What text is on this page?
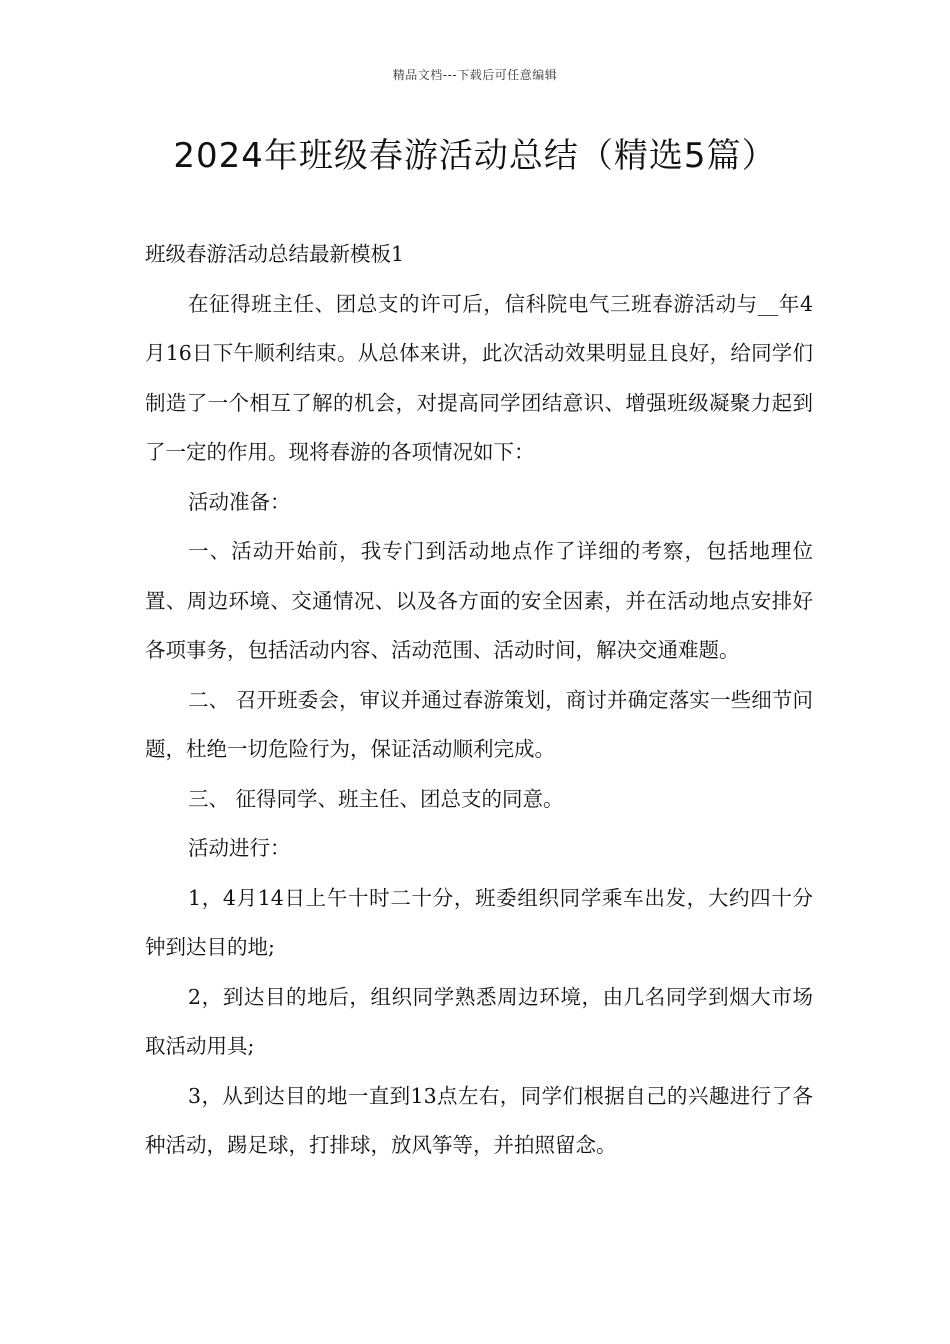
精品文档---下载后可任意编辑
2024年班级春游活动总结（精选5篇）

班级春游活动总结最新模板1

在征得班主任、团总支的许可后，信科院电气三班春游活动与__年4月16日下午顺利结束。从总体来讲，此次活动效果明显且良好，给同学们制造了一个相互了解的机会，对提高同学团结意识、增强班级凝聚力起到了一定的作用。现将春游的各项情况如下：

活动准备：

一、活动开始前，我专门到活动地点作了详细的考察，包括地理位置、周边环境、交通情况、以及各方面的安全因素，并在活动地点安排好各项事务，包括活动内容、活动范围、活动时间，解决交通难题。

二、 召开班委会，审议并通过春游策划，商讨并确定落实一些细节问题，杜绝一切危险行为，保证活动顺利完成。

三、 征得同学、班主任、团总支的同意。

活动进行：

1，4月14日上午十时二十分，班委组织同学乘车出发，大约四十分钟到达目的地;

2，到达目的地后，组织同学熟悉周边环境，由几名同学到烟大市场取活动用具;

3，从到达目的地一直到13点左右，同学们根据自己的兴趣进行了各种活动，踢足球，打排球，放风筝等，并拍照留念。
